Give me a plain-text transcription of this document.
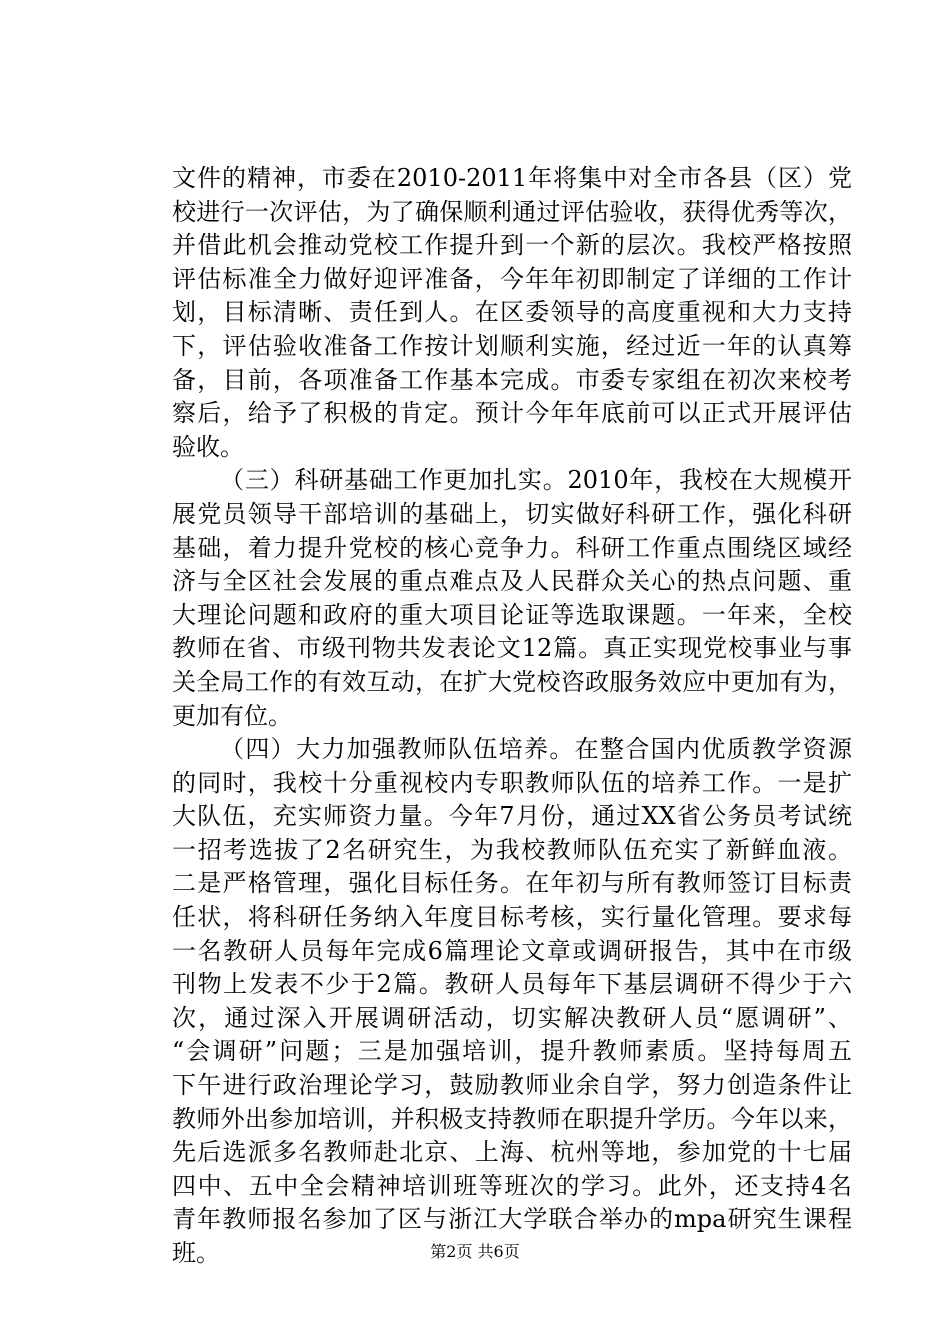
文件的精神，市委在2010-2011年将集中对全市各县（区）党
校进行一次评估，为了确保顺利通过评估验收，获得优秀等次，
并借此机会推动党校工作提升到一个新的层次。我校严格按照
评估标准全力做好迎评准备，今年年初即制定了详细的工作计
划，目标清晰、责任到人。在区委领导的高度重视和大力支持
下，评估验收准备工作按计划顺利实施，经过近一年的认真筹
备，目前，各项准备工作基本完成。市委专家组在初次来校考
察后，给予了积极的肯定。预计今年年底前可以正式开展评估
验收。
（三）科研基础工作更加扎实。2010年，我校在大规模开
展党员领导干部培训的基础上，切实做好科研工作，强化科研
基础，着力提升党校的核心竞争力。科研工作重点围绕区域经
济与全区社会发展的重点难点及人民群众关心的热点问题、重
大理论问题和政府的重大项目论证等选取课题。一年来，全校
教师在省、市级刊物共发表论文12篇。真正实现党校事业与事
关全局工作的有效互动，在扩大党校咨政服务效应中更加有为，
更加有位。
（四）大力加强教师队伍培养。在整合国内优质教学资源
的同时，我校十分重视校内专职教师队伍的培养工作。一是扩
大队伍，充实师资力量。今年7月份，通过XX省公务员考试统
一招考选拔了2名研究生，为我校教师队伍充实了新鲜血液。
二是严格管理，强化目标任务。在年初与所有教师签订目标责
任状，将科研任务纳入年度目标考核，实行量化管理。要求每
一名教研人员每年完成6篇理论文章或调研报告，其中在市级
刊物上发表不少于2篇。教研人员每年下基层调研不得少于六
次，通过深入开展调研活动，切实解决教研人员“愿调研”、
“会调研”问题；三是加强培训，提升教师素质。坚持每周五
下午进行政治理论学习，鼓励教师业余自学，努力创造条件让
教师外出参加培训，并积极支持教师在职提升学历。今年以来，
先后选派多名教师赴北京、上海、杭州等地，参加党的十七届
四中、五中全会精神培训班等班次的学习。此外，还支持4名
青年教师报名参加了区与浙江大学联合举办的mpa研究生课程
班。	第2页 共6页
